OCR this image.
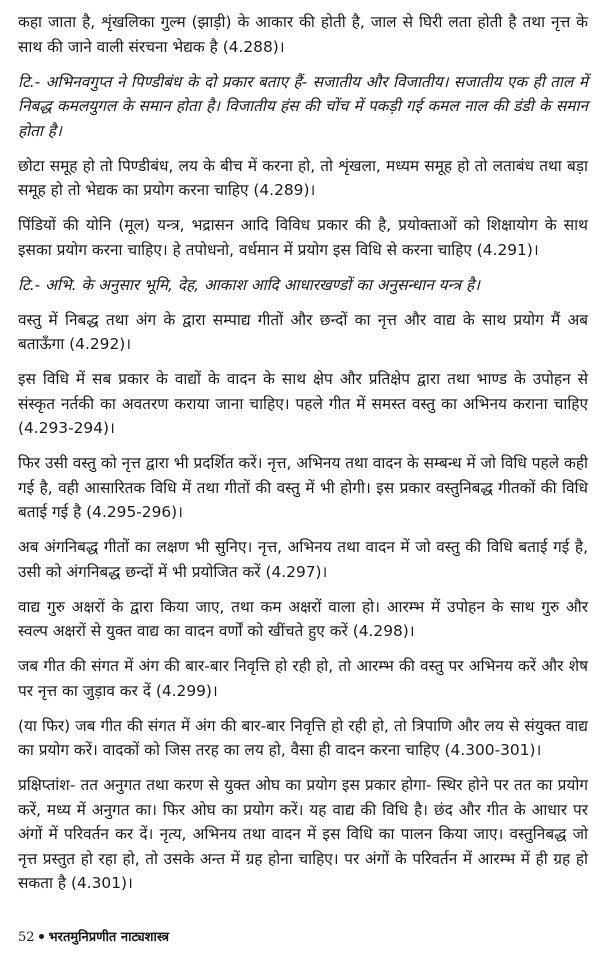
कहा जाता है, शृंखलिका गुल्म (झाड़ी) के आकार की होती है, जाल से घिरी लता होती है तथा नृत्त के साथ की जाने वाली संरचना भेद्यक है (4.288)।

टि.- अभिनवगुप्त ने पिण्डीबंध के दो प्रकार बताए हैं- सजातीय और विजातीय। सजातीय एक ही ताल में निबद्ध कमलयुगल के समान होता है। विजातीय हंस की चोंच में पकड़ी गई कमल नाल की डंडी के समान होता है।

छोटा समूह हो तो पिण्डीबंध, लय के बीच में करना हो, तो शृंखला, मध्यम समूह हो तो लताबंध तथा बड़ा समूह हो तो भेद्यक का प्रयोग करना चाहिए (4.289)।

पिंडियों की योनि (मूल) यन्त्र, भद्रासन आदि विविध प्रकार की है, प्रयोक्ताओं को शिक्षायोग के साथ इसका प्रयोग करना चाहिए। हे तपोधनो, वर्धमान में प्रयोग इस विधि से करना चाहिए (4.291)।

टि.- अभि. के अनुसार भूमि, देह, आकाश आदि आधारखण्डों का अनुसन्धान यन्त्र है।

वस्तु में निबद्ध तथा अंग के द्वारा सम्पाद्य गीतों और छन्दों का नृत्त और वाद्य के साथ प्रयोग मैं अब बताऊँगा (4.292)।

इस विधि में सब प्रकार के वाद्यों के वादन के साथ क्षेप और प्रतिक्षेप द्वारा तथा भाण्ड के उपोहन से संस्कृत नर्तकी का अवतरण कराया जाना चाहिए। पहले गीत में समस्त वस्तु का अभिनय कराना चाहिए (4.293-294)।

फिर उसी वस्तु को नृत्त द्वारा भी प्रदर्शित करें। नृत्त, अभिनय तथा वादन के सम्बन्ध में जो विधि पहले कही गई है, वही आसारितक विधि में तथा गीतों की वस्तु में भी होगी। इस प्रकार वस्तुनिबद्ध गीतकों की विधि बताई गई है (4.295-296)।

अब अंगनिबद्ध गीतों का लक्षण भी सुनिए। नृत्त, अभिनय तथा वादन में जो वस्तु की विधि बताई गई है, उसी को अंगनिबद्ध छन्दों में भी प्रयोजित करें (4.297)।

वाद्य गुरु अक्षरों के द्वारा किया जाए, तथा कम अक्षरों वाला हो। आरम्भ में उपोहन के साथ गुरु और स्वल्प अक्षरों से युक्त वाद्य का वादन वर्णों को खींचते हुए करें (4.298)।

जब गीत की संगत में अंग की बार-बार निवृत्ति हो रही हो, तो आरम्भ की वस्तु पर अभिनय करें और शेष पर नृत्त का जुड़ाव कर दें (4.299)।

(या फिर) जब गीत की संगत में अंग की बार-बार निवृत्ति हो रही हो, तो त्रिपाणि और लय से संयुक्त वाद्य का प्रयोग करें। वादकों को जिस तरह का लय हो, वैसा ही वादन करना चाहिए (4.300-301)।

प्रक्षिप्तांश- तत अनुगत तथा करण से युक्त ओघ का प्रयोग इस प्रकार होगा- स्थिर होने पर तत का प्रयोग करें, मध्य में अनुगत का। फिर ओघ का प्रयोग करें। यह वाद्य की विधि है। छंद और गीत के आधार पर अंगों में परिवर्तन कर दें। नृत्य, अभिनय तथा वादन में इस विधि का पालन किया जाए। वस्तुनिबद्ध जो नृत्त प्रस्तुत हो रहा हो, तो उसके अन्त में ग्रह होना चाहिए। पर अंगों के परिवर्तन में आरम्भ में ही ग्रह हो सकता है (4.301)।

52 भरतमुनिप्रणीत नाट्यशास्त्र
